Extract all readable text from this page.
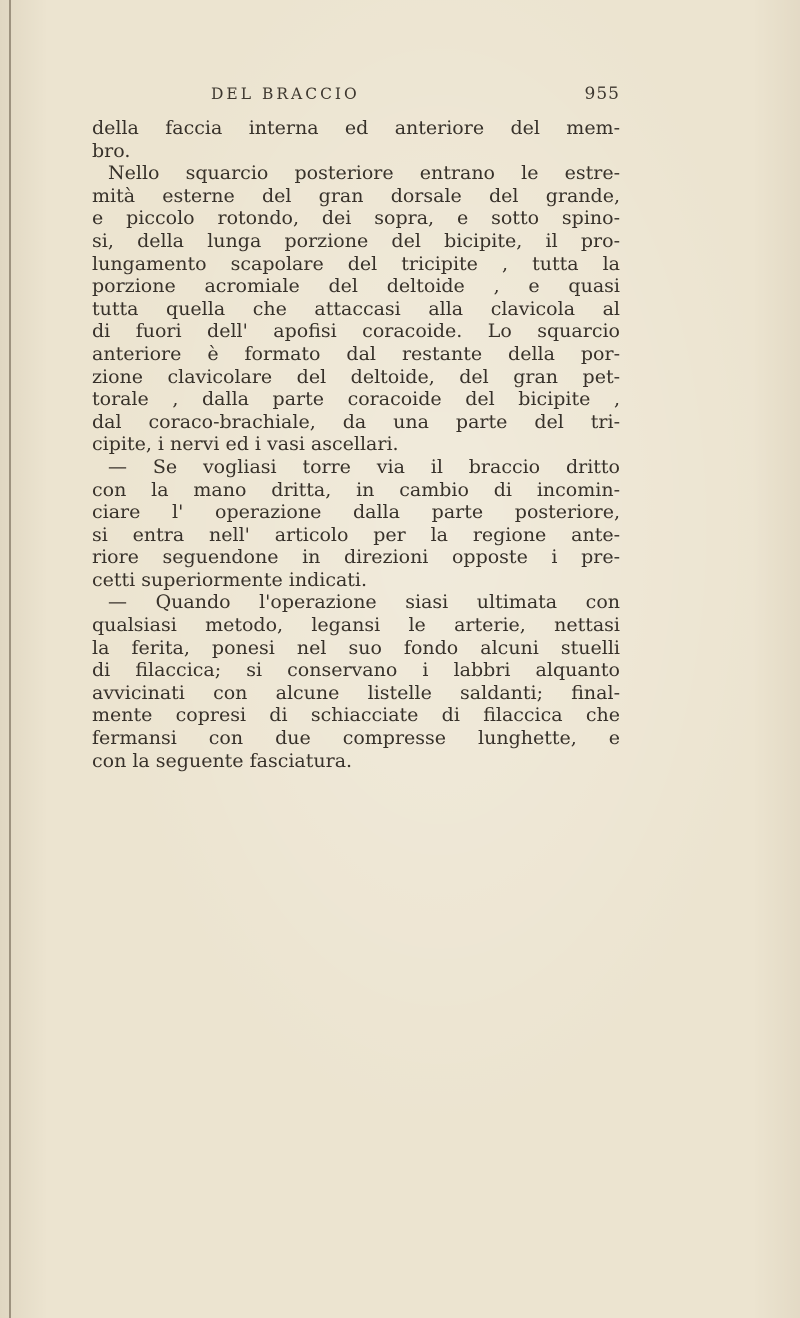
DEL BRACCIO	955
della faccia interna ed anteriore del mem-
bro.
Nello squarcio posteriore entrano le estre-
mità esterne del gran dorsale del grande,
e piccolo rotondo, dei sopra, e sotto spino-
si, della lunga porzione del bicipite, il pro-
lungamento scapolare del tricipite , tutta la
porzione acromiale del deltoide , e quasi
tutta quella che attaccasi alla clavicola al
di fuori dell' apofisi coracoide. Lo squarcio
anteriore è formato dal restante della por-
zione clavicolare del deltoide, del gran pet-
torale , dalla parte coracoide del bicipite ,
dal coraco-brachiale, da una parte del tri-
cipite, i nervi ed i vasi ascellari.
— Se vogliasi torre via il braccio dritto
con la mano dritta, in cambio di incomin-
ciare l' operazione dalla parte posteriore,
si entra nell' articolo per la regione ante-
riore seguendone in direzioni opposte i pre-
cetti superiormente indicati.
— Quando l'operazione siasi ultimata con
qualsiasi metodo, legansi le arterie, nettasi
la ferita, ponesi nel suo fondo alcuni stuelli
di filaccica; si conservano i labbri alquanto
avvicinati con alcune listelle saldanti; final-
mente copresi di schiacciate di filaccica che
fermansi con due compresse lunghette, e
con la seguente fasciatura.
